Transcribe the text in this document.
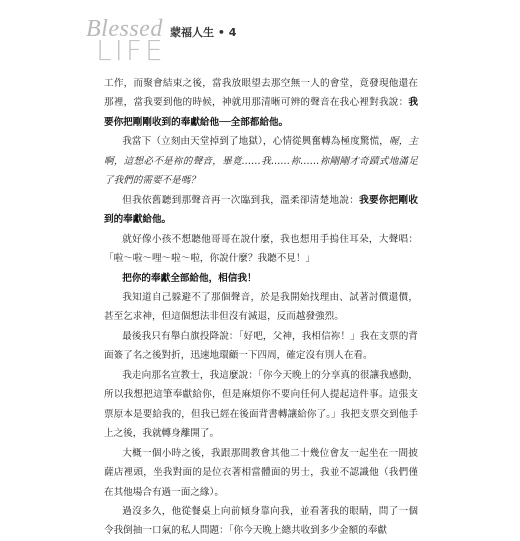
Blessed
LIFE
蒙福人生 • 4

工作，而聚會結束之後，當我放眼望去那空無一人的會堂，竟發現他還在那裡，當我要到他的時候，神就用那清晰可辨的聲音在我心裡對我說：我要你把剛剛收到的奉獻給他──全部都給他。

我當下（立刻由天堂掉到了地獄），心情從興奮轉為極度驚慌，喔，主啊，這想必不是祢的聲音，畢竟……我……祢……祢剛剛才奇蹟式地滿足了我們的需要不是嗎？

但我依舊聽到那聲音再一次臨到我，溫柔卻清楚地說：我要你把剛收到的奉獻給他。

就好像小孩不想聽他哥哥在說什麼，我也想用手摀住耳朵，大聲唱：「啦～啦～哩～啦～啦，你說什麼？我聽不見！」

把你的奉獻全部給他，相信我！

我知道自己躲避不了那個聲音，於是我開始找理由、試著討價還價，甚至乞求神，但這個想法非但沒有減退，反而越發強烈。

最後我只有舉白旗投降說：「好吧，父神，我相信祢！」我在支票的背面簽了名之後對折，迅速地環顧一下四周，確定沒有別人在看。

我走向那名宣教士，我這麼說：「你今天晚上的分享真的很讓我感動，所以我想把這筆奉獻給你，但是麻煩你不要向任何人提起這件事。這張支票原本是要給我的，但我已經在後面背書轉讓給你了。」我把支票交到他手上之後，我就轉身離開了。

大概一個小時之後，我跟那間教會其他二十幾位會友一起坐在一間披薩店裡頭，坐我對面的是位衣著相當體面的男士，我並不認識他（我們僅在其他場合有過一面之緣）。

過沒多久，他從餐桌上向前傾身靠向我，並看著我的眼睛，問了一個令我倒抽一口氣的私人問題：「你今天晚上總共收到多少金額的奉獻
